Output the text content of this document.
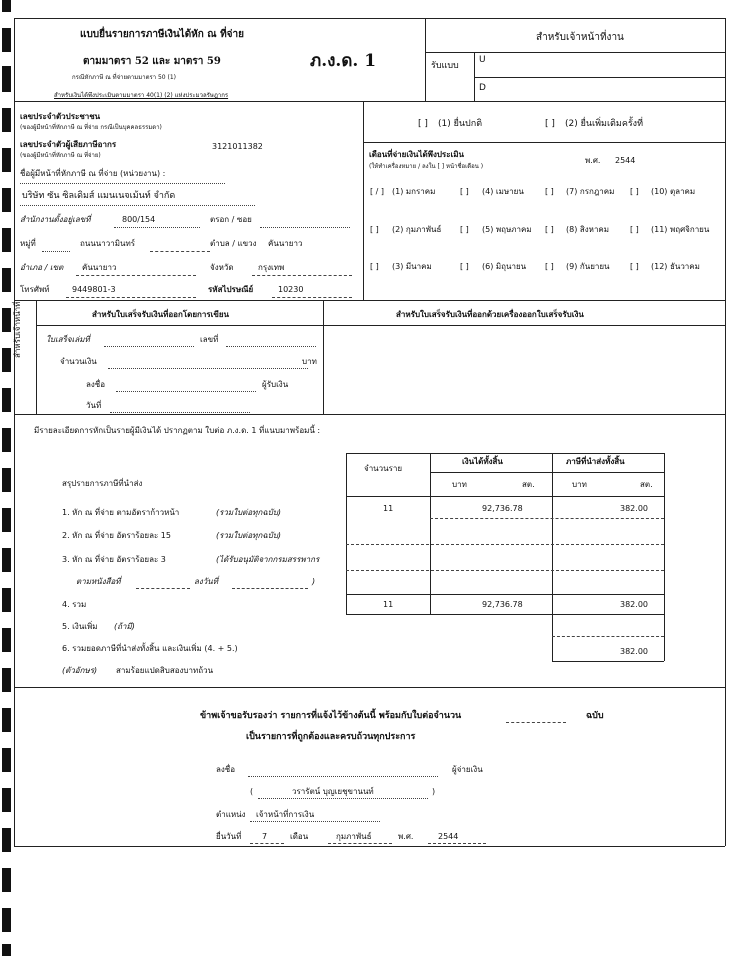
แบบยื่นรายการภาษีเงินได้หัก ณ ที่จ่าย
ตามมาตรา 52 และ มาตรา 59
กรณีหักภาษี ณ ที่จ่ายตามมาตรา 50 (1)
สำหรับเงินได้พึงประเมินตามมาตรา 40(1) (2) แห่งประมวลรัษฎากร
ภ.ง.ด. 1
สำหรับเจ้าหน้าที่งาน
รับแบบ
U
D
เลขประจำตัวประชาชน
(ของผู้มีหน้าที่หักภาษี ณ ที่จ่าย กรณีเป็นบุคคลธรรมดา)
เลขประจำตัวผู้เสียภาษีอากร
(ของผู้มีหน้าที่หักภาษี ณ ที่จ่าย)
3121011382
ชื่อผู้มีหน้าที่หักภาษี ณ ที่จ่าย (หน่วยงาน) :
บริษัท ซัน ซิลเดิมส์ แมนเนจเม้นท์ จำกัด
สำนักงานตั้งอยู่เลขที่	800/154	ตรอก / ซอย
หมู่ที่	ถนนนาวามินทร์	ตำบล / แขวง คันนายาว
อำเภอ / เขต คันนายาว	จังหวัด	กรุงเทพ
โทรศัพท์	9449801-3	รหัสไปรษณีย์	10230
[ ] (1) ยื่นปกติ	[ ] (2) ยื่นเพิ่มเติมครั้งที่
เดือนที่จ่ายเงินได้พึงประเมิน
(ให้ทำเครื่องหมาย / ลงใน [ ] หน้าชื่อเดือน )
พ.ศ. 2544
[ / ] (1) มกราคม	[ ] (4) เมษายน	[ ] (7) กรกฎาคม [ ] (10) ตุลาคม
[ ] (2) กุมภาพันธ์ [ ] (5) พฤษภาคม [ ] (8) สิงหาคม	[ ] (11) พฤศจิกายน
[ ] (3) มีนาคม	[ ] (6) มิถุนายน [ ] (9) กันยายน	[ ] (12) ธันวาคม
สำหรับเจ้าหน้าที่	สำหรับใบเสร็จรับเงินที่ออกโดยการเขียน	สำหรับใบเสร็จรับเงินที่ออกด้วยเครื่องออกใบเสร็จรับเงิน
ใบเสร็จเล่มที่	เลขที่
จำนวนเงิน	บาท
ลงชื่อ	ผู้รับเงิน
วันที่
มีรายละเอียดการหักเป็นรายผู้มีเงินได้ ปรากฏตาม ใบต่อ ภ.ง.ด. 1 ที่แนบมาพร้อมนี้ :
สรุปรายการภาษีที่นำส่ง
จำนวนราย
เงินได้ทั้งสิ้น	ภาษีที่นำส่งทั้งสิ้น
บาท	สต.	บาท	สต.
1. หัก ณ ที่จ่าย ตามอัตราก้าวหน้า	(รวมใบต่อทุกฉบับ)	11	92,736.78	382.00
2. หัก ณ ที่จ่าย อัตราร้อยละ 15	(รวมใบต่อทุกฉบับ)
3. หัก ณ ที่จ่าย อัตราร้อยละ 3	(ได้รับอนุมัติจากกรมสรรพากร
ตามหนังสือที่	ลงวันที่	)
4. รวม	11	92,736.78	382.00
5. เงินเพิ่ม (ถ้ามี)
6. รวมยอดภาษีที่นำส่งทั้งสิ้น และเงินเพิ่ม (4. + 5.)	382.00
(ตัวอักษร) สามร้อยแปดสิบสองบาทถ้วน
ข้าพเจ้าขอรับรองว่า รายการที่แจ้งไว้ข้างต้นนี้ พร้อมกับใบต่อจำนวน	ฉบับ
เป็นรายการที่ถูกต้องและครบถ้วนทุกประการ
ลงชื่อ	ผู้จ่ายเงิน
(	วรารัตน์ บุญเยชุขานนท์	)
ตำแหน่ง เจ้าหน้าที่การเงิน
ยื่นวันที่	7	เดือน	กุมภาพันธ์	พ.ศ.	2544
